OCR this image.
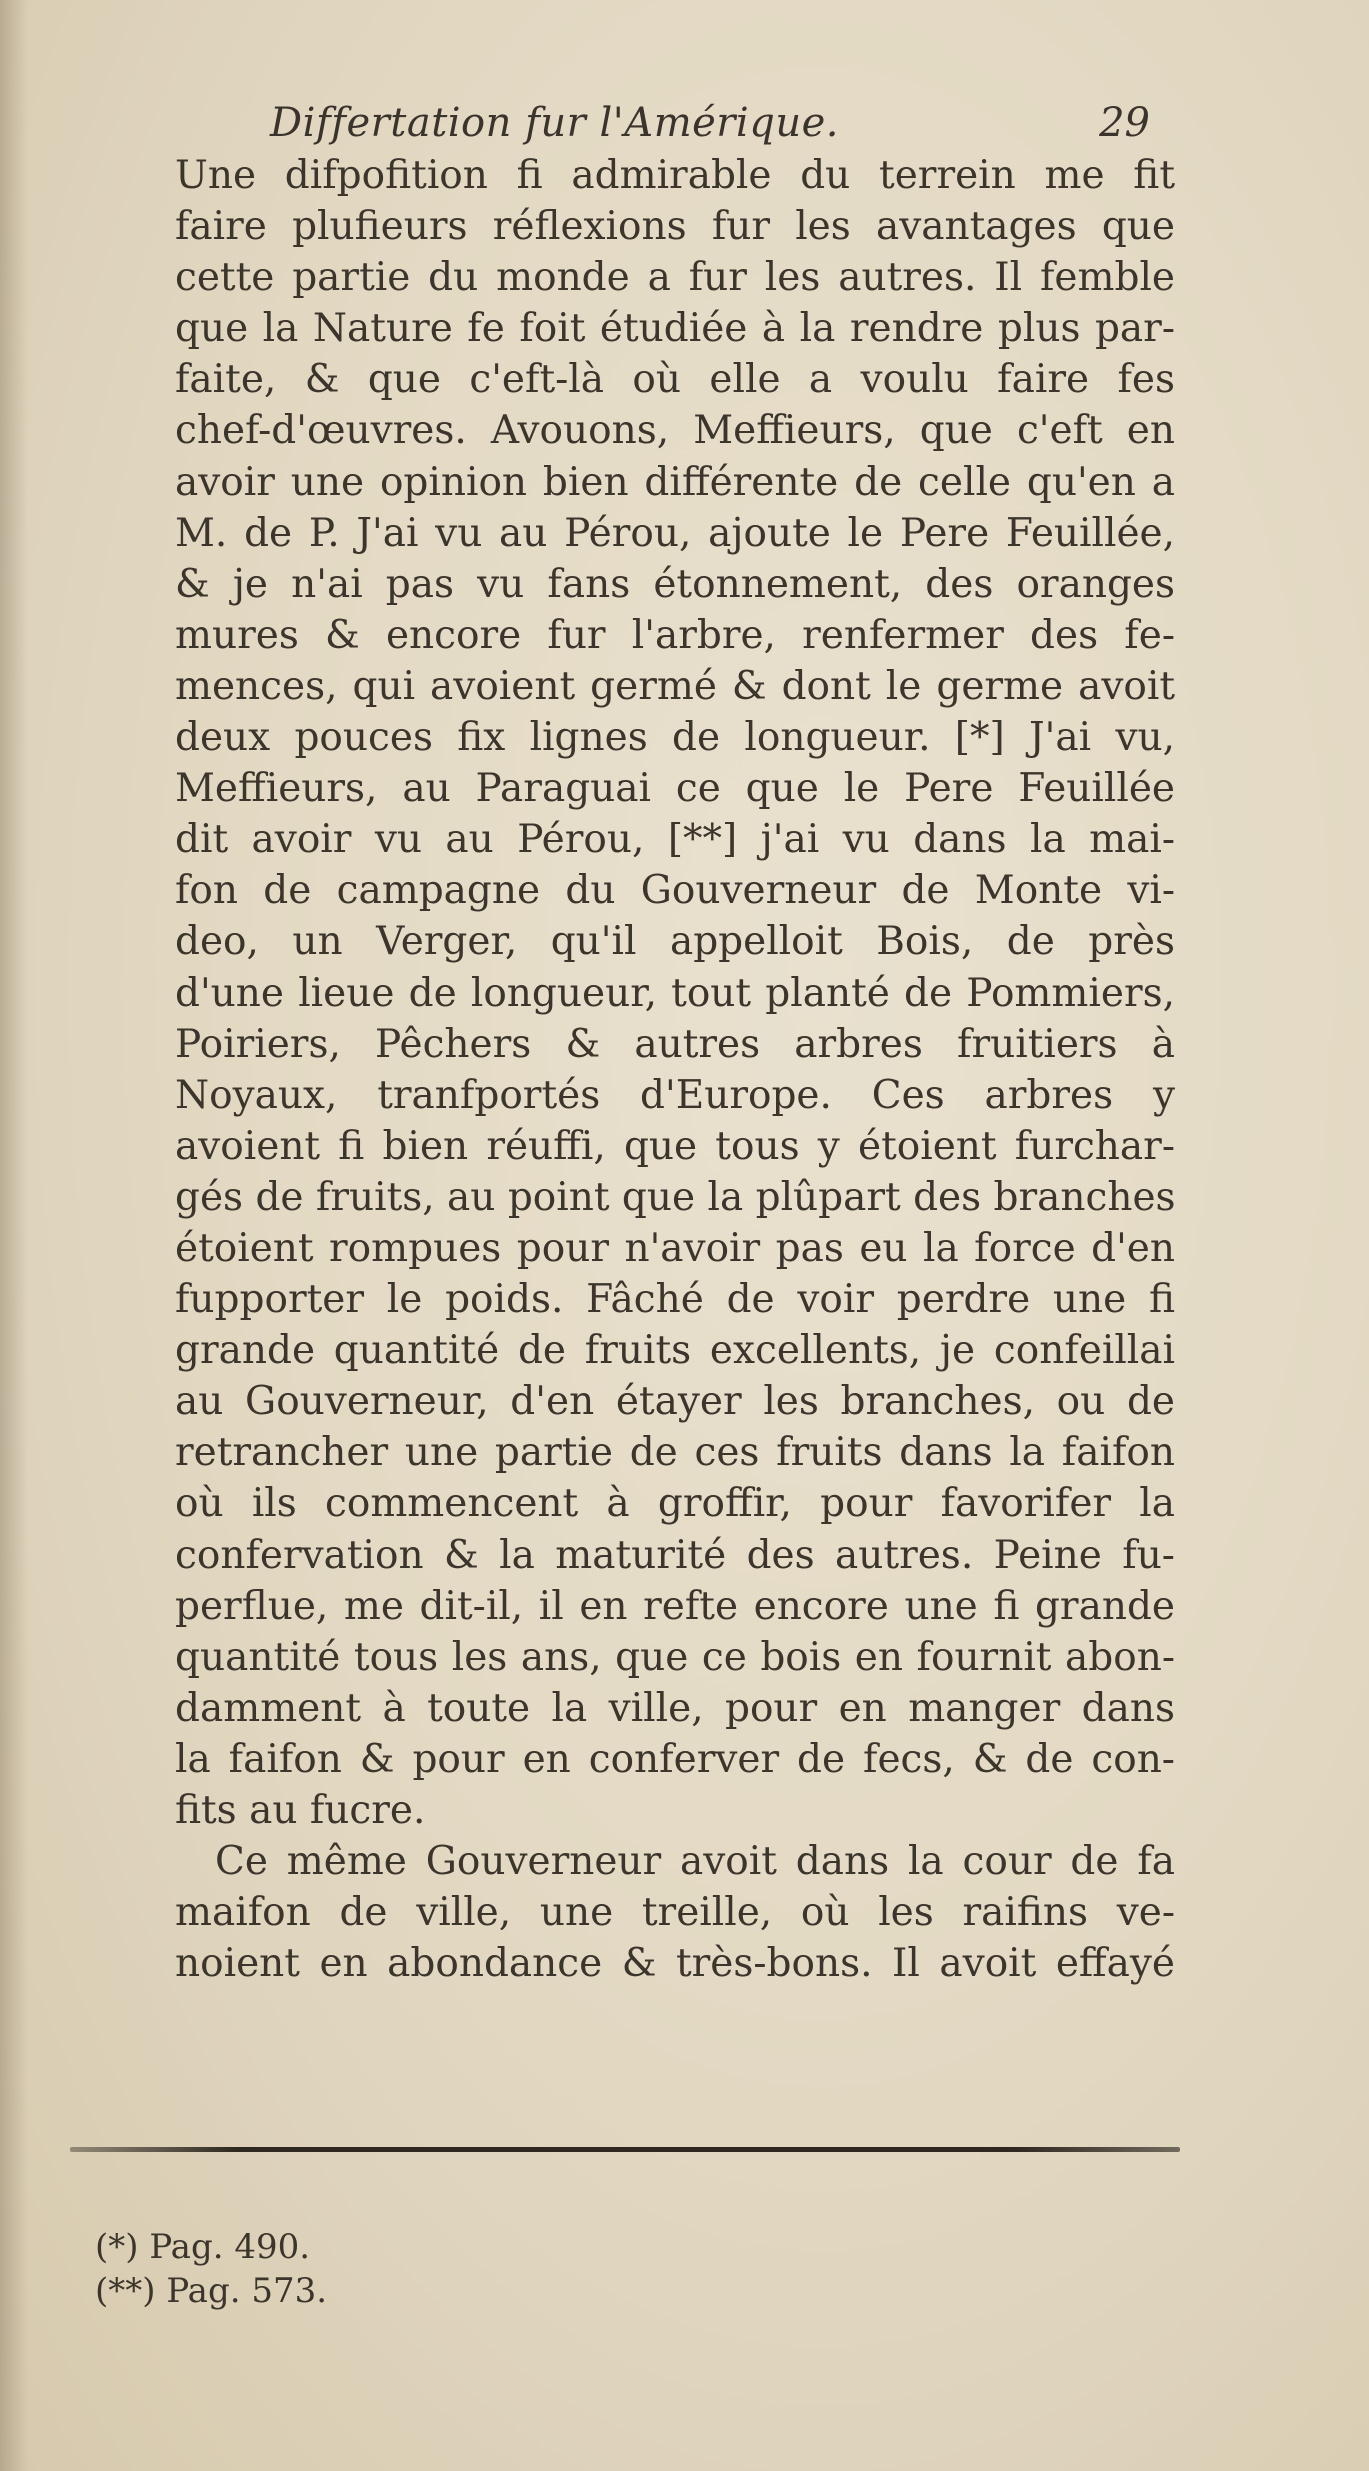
Differtation fur l'Amérique.	29
Une difpofition fi admirable du terrein me fit
faire plufieurs réflexions fur les avantages que
cette partie du monde a fur les autres. Il femble
que la Nature fe foit étudiée à la rendre plus par-
faite, & que c'eft-là où elle a voulu faire fes
chef-d'œuvres. Avouons, Meffieurs, que c'eft en
avoir une opinion bien différente de celle qu'en a
M. de P. J'ai vu au Pérou, ajoute le Pere Feuillée,
& je n'ai pas vu fans étonnement, des oranges
mures & encore fur l'arbre, renfermer des fe-
mences, qui avoient germé & dont le germe avoit
deux pouces fix lignes de longueur. [*] J'ai vu,
Meffieurs, au Paraguai ce que le Pere Feuillée
dit avoir vu au Pérou, [**] j'ai vu dans la mai-
fon de campagne du Gouverneur de Monte vi-
deo, un Verger, qu'il appelloit Bois, de près
d'une lieue de longueur, tout planté de Pommiers,
Poiriers, Pêchers & autres arbres fruitiers à
Noyaux, tranfportés d'Europe. Ces arbres y
avoient fi bien réuffi, que tous y étoient furchar-
gés de fruits, au point que la plûpart des branches
étoient rompues pour n'avoir pas eu la force d'en
fupporter le poids. Fâché de voir perdre une fi
grande quantité de fruits excellents, je confeillai
au Gouverneur, d'en étayer les branches, ou de
retrancher une partie de ces fruits dans la faifon
où ils commencent à groffir, pour favorifer la
confervation & la maturité des autres. Peine fu-
perflue, me dit-il, il en refte encore une fi grande
quantité tous les ans, que ce bois en fournit abon-
damment à toute la ville, pour en manger dans
la faifon & pour en conferver de fecs, & de con-
fits au fucre.
Ce même Gouverneur avoit dans la cour de fa
maifon de ville, une treille, où les raifins ve-
noient en abondance & très-bons. Il avoit effayé
(*) Pag. 490.
(**) Pag. 573.
